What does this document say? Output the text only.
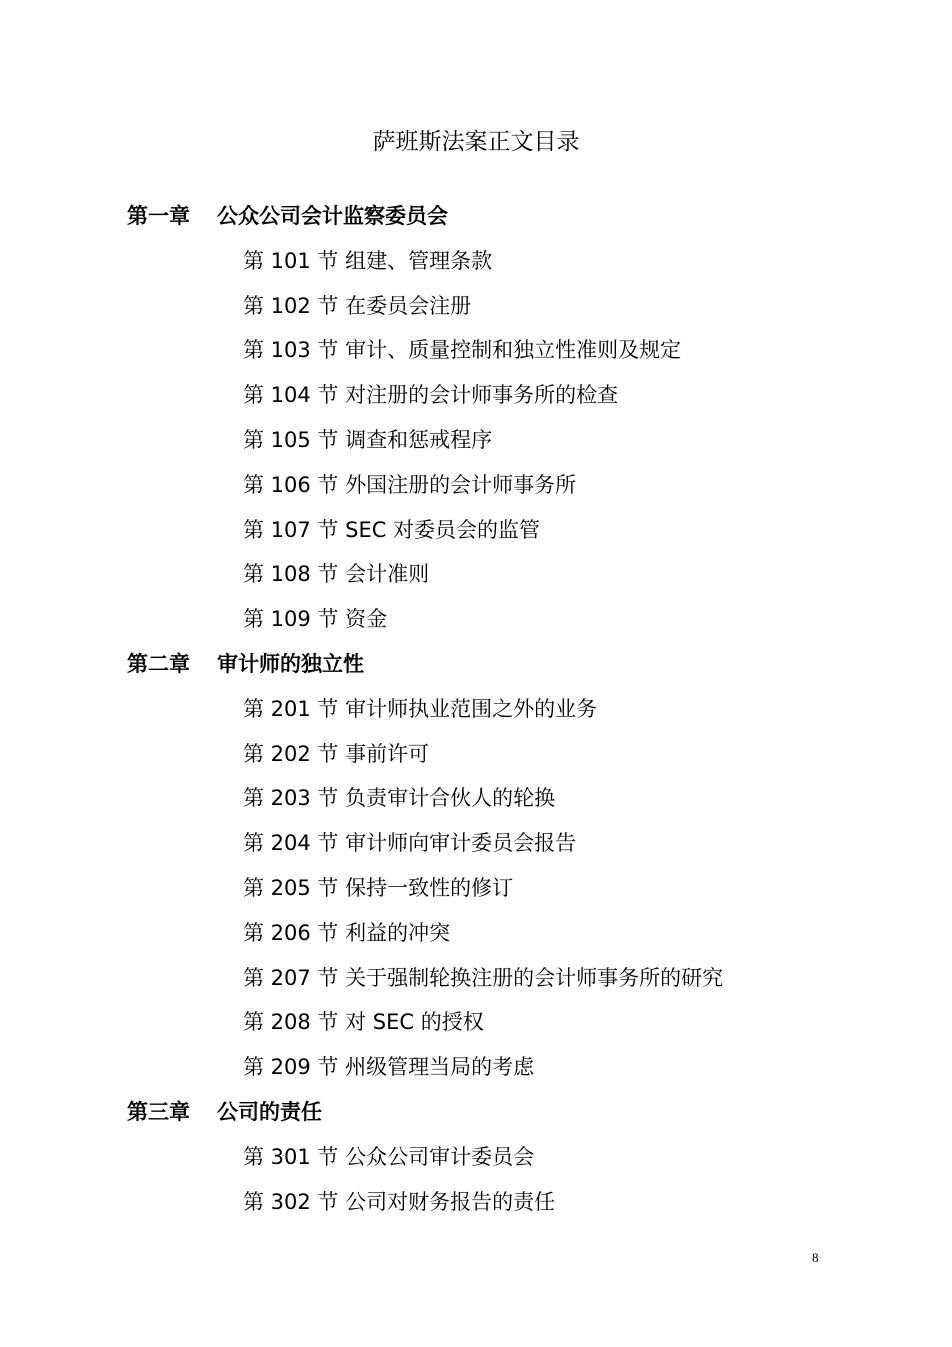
萨班斯法案正文目录
第一章 公众公司会计监察委员会
第 101 节 组建、管理条款
第 102 节 在委员会注册
第 103 节 审计、质量控制和独立性准则及规定
第 104 节 对注册的会计师事务所的检查
第 105 节 调查和惩戒程序
第 106 节 外国注册的会计师事务所
第 107 节 SEC 对委员会的监管
第 108 节 会计准则
第 109 节 资金
第二章 审计师的独立性
第 201 节 审计师执业范围之外的业务
第 202 节 事前许可
第 203 节 负责审计合伙人的轮换
第 204 节 审计师向审计委员会报告
第 205 节 保持一致性的修订
第 206 节 利益的冲突
第 207 节 关于强制轮换注册的会计师事务所的研究
第 208 节 对 SEC 的授权
第 209 节 州级管理当局的考虑
第三章 公司的责任
第 301 节 公众公司审计委员会
第 302 节 公司对财务报告的责任
8
